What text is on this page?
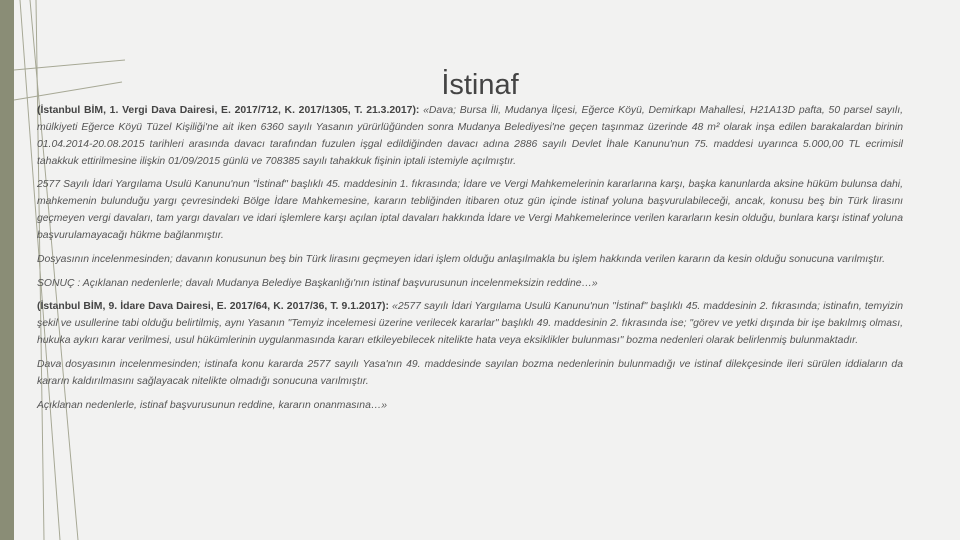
İstinaf

(İstanbul BİM, 1. Vergi Dava Dairesi, E. 2017/712, K. 2017/1305, T. 21.3.2017): «Dava; Bursa İli, Mudanya İlçesi, Eğerce Köyü, Demirkapı Mahallesi, H21A13D pafta, 50 parsel sayılı, mülkiyeti Eğerce Köyü Tüzel Kişiliği'ne ait iken 6360 sayılı Yasanın yürürlüğünden sonra Mudanya Belediyesi'ne geçen taşınmaz üzerinde 48 m² olarak inşa edilen barakalardan birinin 01.04.2014-20.08.2015 tarihleri arasında davacı tarafından fuzulen işgal edildiğinden davacı adına 2886 sayılı Devlet İhale Kanunu'nun 75. maddesi uyarınca 5.000,00 TL ecrimisil tahakkuk ettirilmesine ilişkin 01/09/2015 günlü ve 708385 sayılı tahakkuk fişinin iptali istemiyle açılmıştır.

2577 Sayılı İdari Yargılama Usulü Kanunu'nun "İstinaf" başlıklı 45. maddesinin 1. fıkrasında; İdare ve Vergi Mahkemelerinin kararlarına karşı, başka kanunlarda aksine hüküm bulunsa dahi, mahkemenin bulunduğu yargı çevresindeki Bölge İdare Mahkemesine, kararın tebliğinden itibaren otuz gün içinde istinaf yoluna başvurulabileceği, ancak, konusu beş bin Türk lirasını geçmeyen vergi davaları, tam yargı davaları ve idari işlemlere karşı açılan iptal davaları hakkında İdare ve Vergi Mahkemelerince verilen kararların kesin olduğu, bunlara karşı istinaf yoluna başvurulamayacağı hükme bağlanmıştır.

Dosyasının incelenmesinden; davanın konusunun beş bin Türk lirasını geçmeyen idari işlem olduğu anlaşılmakla bu işlem hakkında verilen kararın da kesin olduğu sonucuna varılmıştır.

SONUÇ : Açıklanan nedenlerle; davalı Mudanya Belediye Başkanlığı'nın istinaf başvurusunun incelenmeksizin reddine…»

(İstanbul BİM, 9. İdare Dava Dairesi, E. 2017/64, K. 2017/36, T. 9.1.2017): «2577 sayılı İdari Yargılama Usulü Kanunu'nun "İstinaf" başlıklı 45. maddesinin 2. fıkrasında; istinafın, temyizin şekil ve usullerine tabi olduğu belirtilmiş, aynı Yasanın "Temyiz incelemesi üzerine verilecek kararlar" başlıklı 49. maddesinin 2. fıkrasında ise; "görev ve yetki dışında bir işe bakılmış olması, hukuka aykırı karar verilmesi, usul hükümlerinin uygulanmasında kararı etkileyebilecek nitelikte hata veya eksiklikler bulunması" bozma nedenleri olarak belirlenmiş bulunmaktadır.

Dava dosyasının incelenmesinden; istinafa konu kararda 2577 sayılı Yasa'nın 49. maddesinde sayılan bozma nedenlerinin bulunmadığı ve istinaf dilekçesinde ileri sürülen iddiaların da kararın kaldırılmasını sağlayacak nitelikte olmadığı sonucuna varılmıştır.

Açıklanan nedenlerle, istinaf başvurusunun reddine, kararın onanmasına…»
